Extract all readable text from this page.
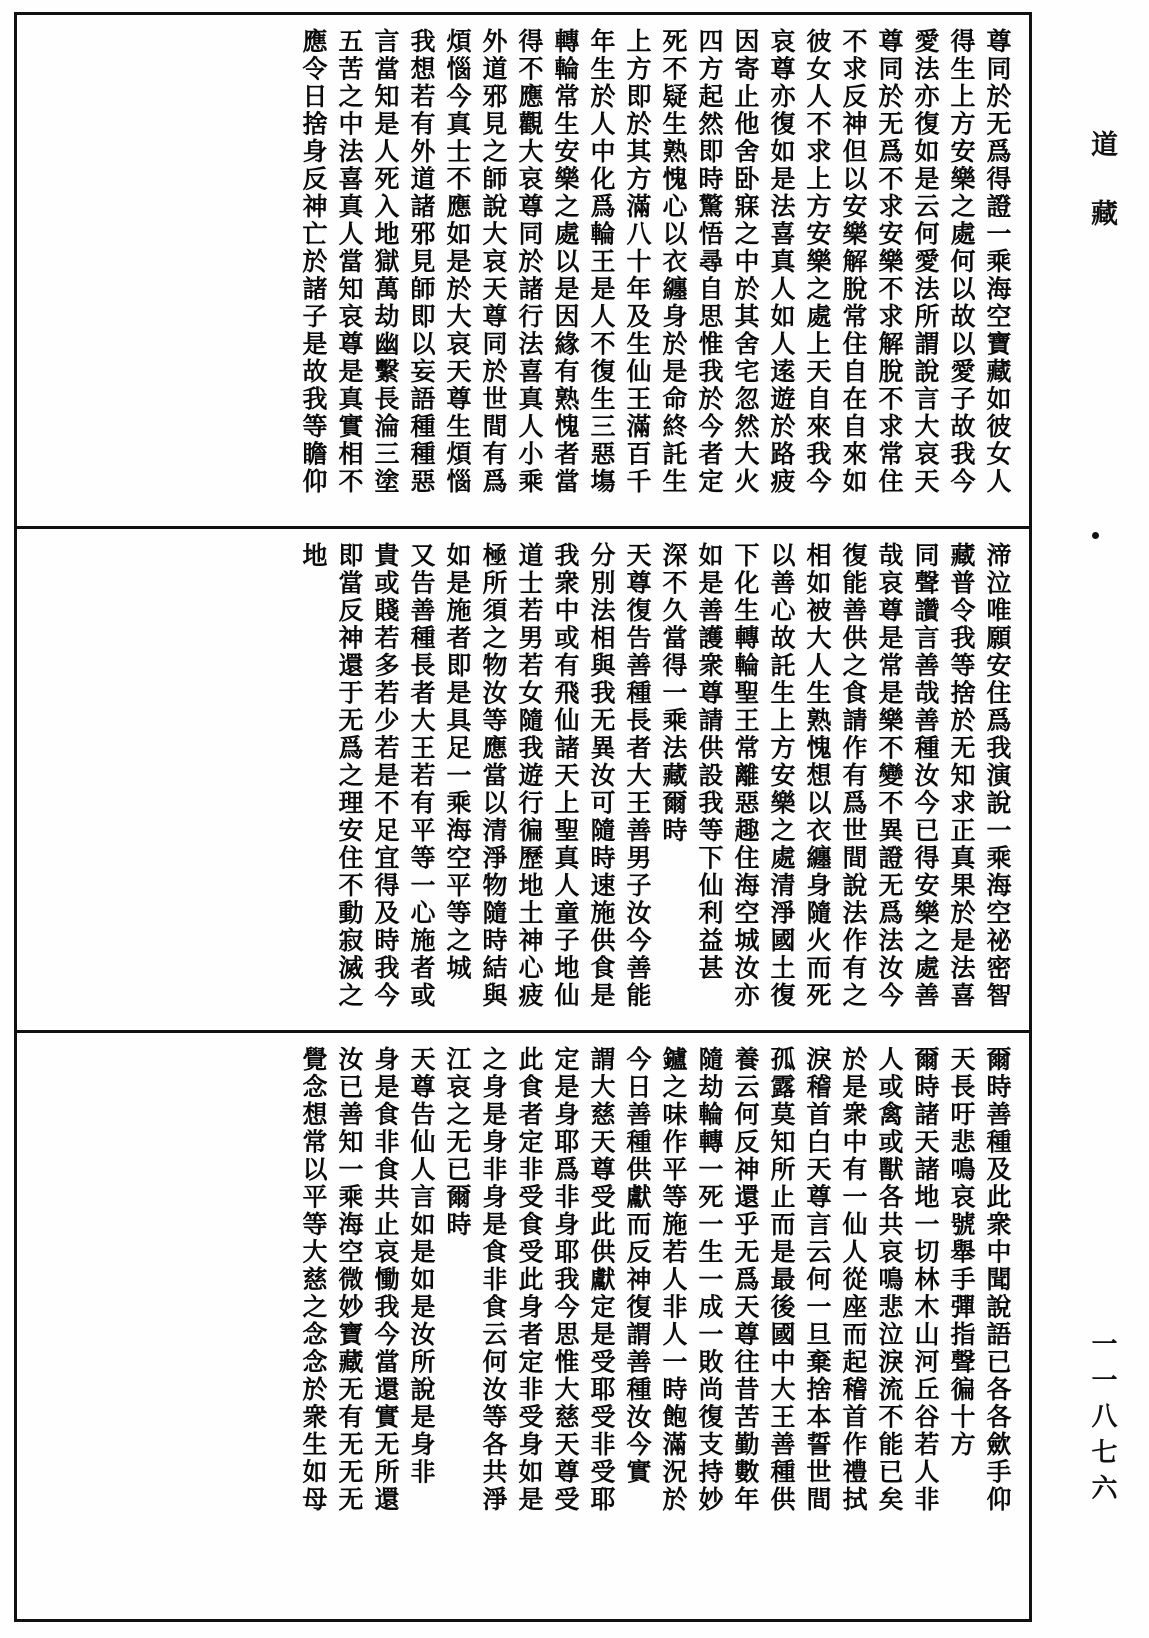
尊同於无爲得證一乘海空寶藏如彼女人
得生上方安樂之處何以故以愛子故我今
愛法亦復如是云何愛法所謂說言大哀天
尊同於无爲不求安樂不求解脫不求常住
不求反神但以安樂解脫常住自在自來如
彼女人不求上方安樂之處上天自來我今
哀尊亦復如是法喜真人如人逺遊於路疲
因寄止他舍卧寐之中於其舍宅忽然大火
四方起然即時驚悟尋自思惟我於今者定
死不疑生熟愧心以衣纏身於是命終託生
上方即於其方滿八十年及生仙王滿百千
年生於人中化爲輪王是人不復生三惡塲
轉輪常生安樂之處以是因緣有熟愧者當
得不應觀大哀尊同於諸行法喜真人小乘
外道邪見之師說大哀天尊同於世間有爲
煩惱今真士不應如是於大哀天尊生煩惱
我想若有外道諸邪見師即以妄語種種惡
言當知是人死入地獄萬劫幽繫長淪三塗
五苦之中法喜真人當知哀尊是真實相不
應令日捨身反神亡於諸子是故我等瞻仰
渧泣唯願安住爲我演說一乘海空祕密智
藏普令我等捨於无知求正真果於是法喜
同聲讚言善哉善種汝今已得安樂之處善
哉哀尊是常是樂不變不異證无爲法汝今
復能善供之食請作有爲世間說法作有之
相如被大人生熟愧想以衣纏身隨火而死
以善心故託生上方安樂之處清淨國土復
下化生轉輪聖王常離惡趣住海空城汝亦
如是善護衆尊請供設我等下仙利益甚
深不久當得一乘法藏爾時
天尊復告善種長者大王善男子汝今善能
分別法相與我无異汝可隨時速施供食是
我衆中或有飛仙諸天上聖真人童子地仙
道士若男若女隨我遊行徧歷地土神心疲
極所須之物汝等應當以清淨物隨時結與
如是施者即是具足一乘海空平等之城
又告善種長者大王若有平等一心施者或
貴或賤若多若少若是不足宜得及時我今
即當反神還于无爲之理安住不動寂滅之
地
爾時善種及此衆中聞說語已各各歛手仰
天長吁悲鳴哀號舉手彈指聲徧十方
爾時諸天諸地一切林木山河丘谷若人非
人或禽或獸各共哀鳴悲泣淚流不能已矣
於是衆中有一仙人從座而起稽首作禮拭
淚稽首白天尊言云何一旦棄捨本誓世間
孤露莫知所止而是最後國中大王善種供
養云何反神還乎无爲天尊往昔苦勤數年
隨劫輪轉一死一生一成一敗尚復支持妙
鑪之味作平等施若人非人一時飽滿況於
今日善種供獻而反神復謂善種汝今實
謂大慈天尊受此供獻定是受耶受非受耶
定是身耶爲非身耶我今思惟大慈天尊受
此食者定非受食受此身者定非受身如是
之身是身非身是食非食云何汝等各共淨
江哀之无已爾時
天尊告仙人言如是如是汝所說是身非
身是食非食共止哀慟我今當還實无所還
汝已善知一乘海空微妙寶藏无有无无无
覺念想常以平等大慈之念念於衆生如母
道藏
一一八七六
